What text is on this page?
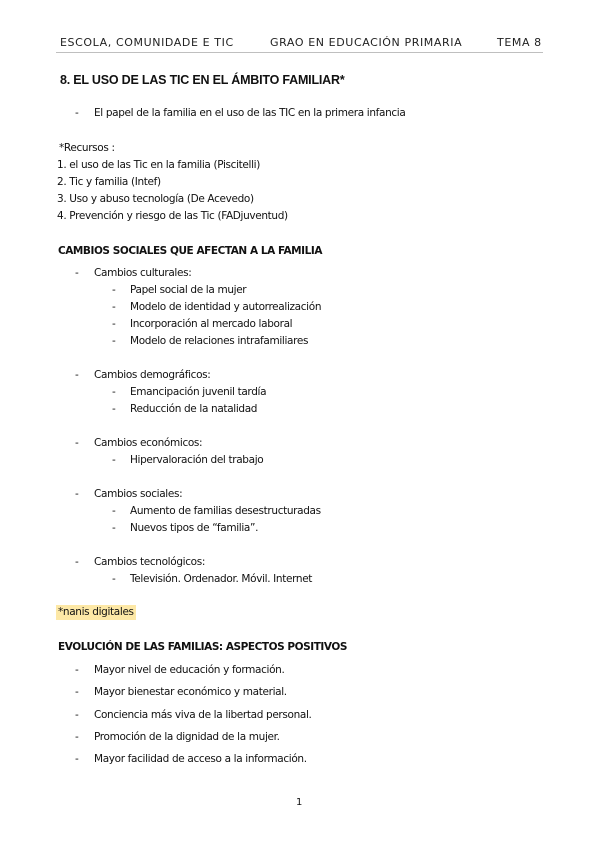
ESCOLA, COMUNIDADE E TIC	GRAO EN EDUCACIÓN PRIMARIA	TEMA 8
8. EL USO DE LAS TIC EN EL ÁMBITO FAMILIAR*
- El papel de la familia en el uso de las TIC en la primera infancia
*Recursos :
1. el uso de las Tic en la familia (Piscitelli)
2. Tic y familia (Intef)
3. Uso y abuso tecnología (De Acevedo)
4. Prevención y riesgo de las Tic (FADjuventud)
CAMBIOS SOCIALES QUE AFECTAN A LA FAMILIA
- Cambios culturales:
- Papel social de la mujer
- Modelo de identidad y autorrealización
- Incorporación al mercado laboral
- Modelo de relaciones intrafamiliares
- Cambios demográficos:
- Emancipación juvenil tardía
- Reducción de la natalidad
- Cambios económicos:
- Hipervaloración del trabajo
- Cambios sociales:
- Aumento de familias desestructuradas
- Nuevos tipos de “familia”.
- Cambios tecnológicos:
- Televisión. Ordenador. Móvil. Internet
*nanis digitales
EVOLUCIÓN DE LAS FAMILIAS: ASPECTOS POSITIVOS
- Mayor nivel de educación y formación.
- Mayor bienestar económico y material.
- Conciencia más viva de la libertad personal.
- Promoción de la dignidad de la mujer.
- Mayor facilidad de acceso a la información.
1
